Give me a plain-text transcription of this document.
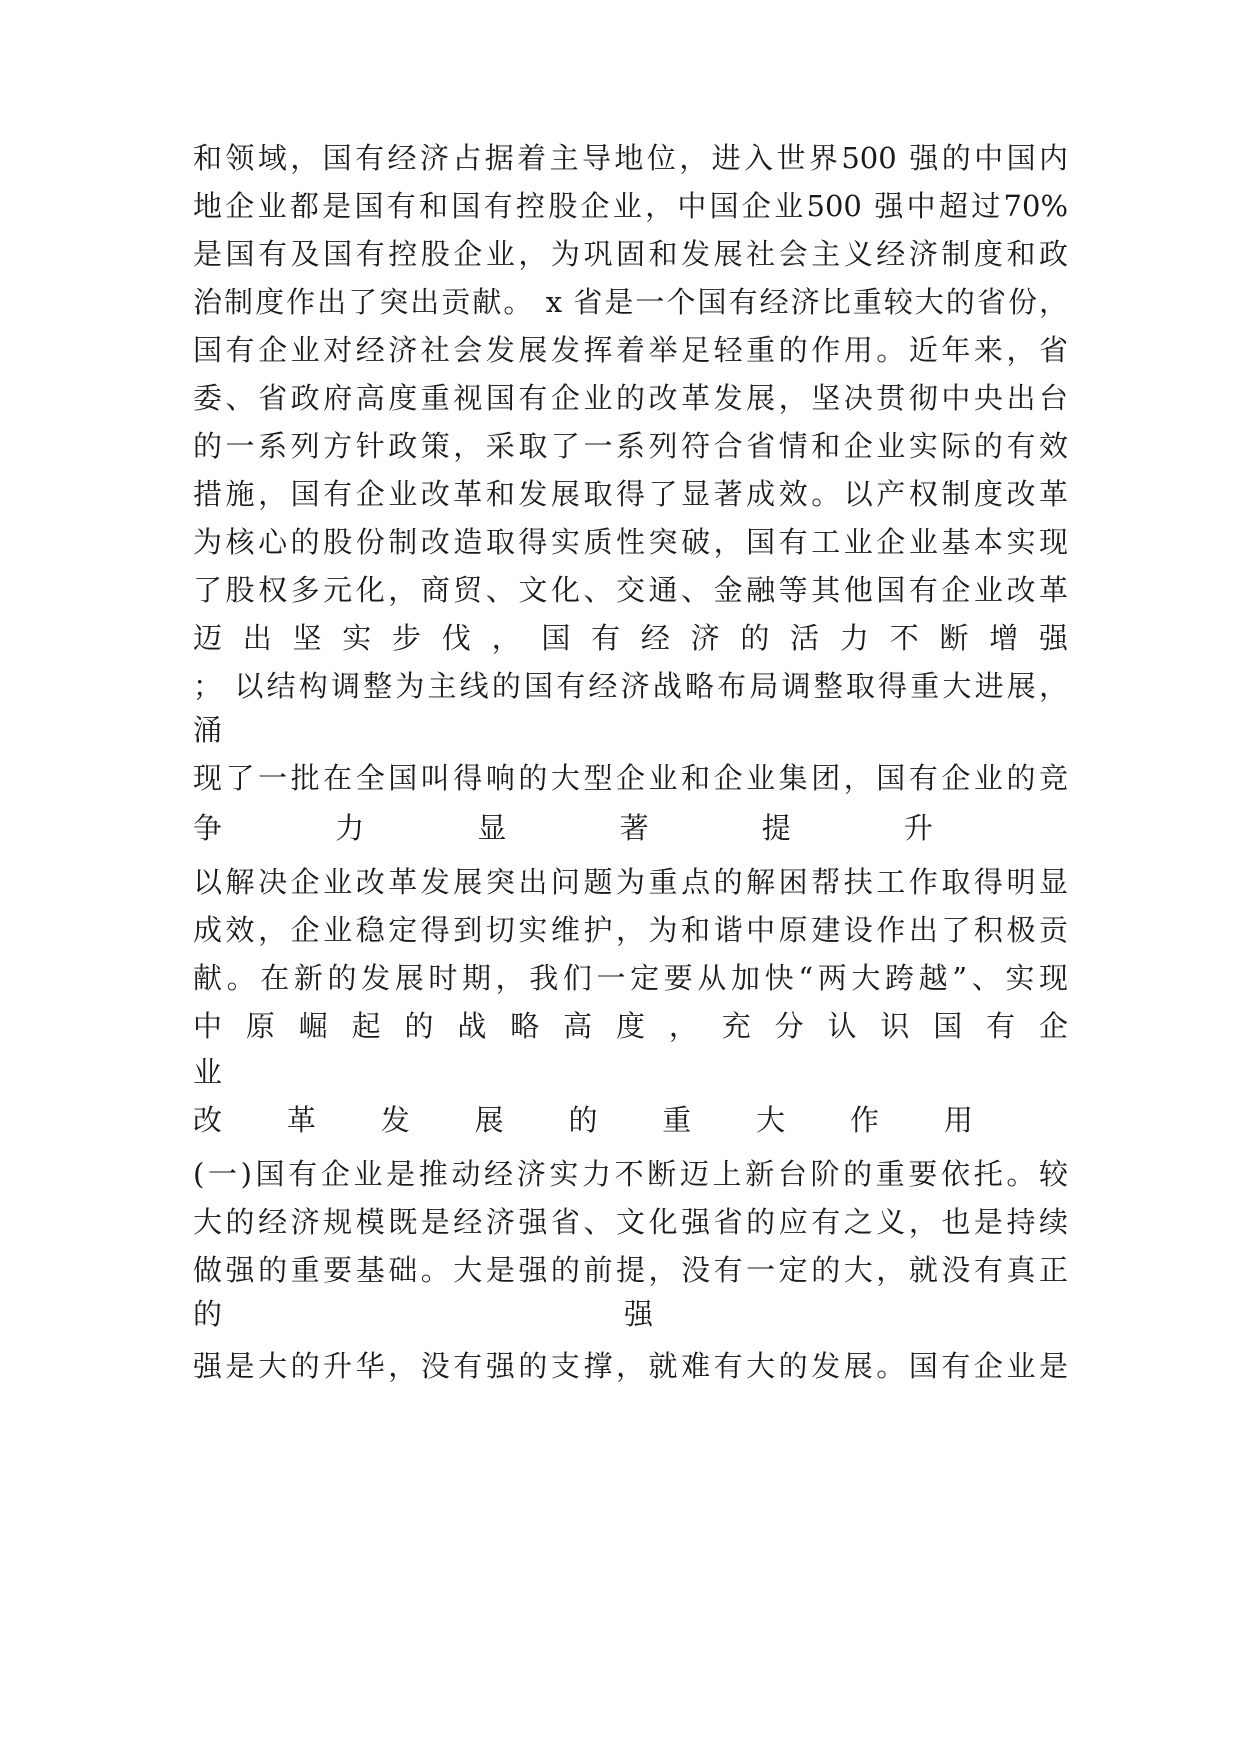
和领域，国有经济占据着主导地位，进入世界500 强的中国内
地企业都是国有和国有控股企业，中国企业500 强中超过70%
是国有及国有控股企业，为巩固和发展社会主义经济制度和政
治制度作出了突出贡献。 x 省是一个国有经济比重较大的省份，
国有企业对经济社会发展发挥着举足轻重的作用。近年来，省
委、省政府高度重视国有企业的改革发展，坚决贯彻中央出台
的一系列方针政策，采取了一系列符合省情和企业实际的有效
措施，国有企业改革和发展取得了显著成效。以产权制度改革
为核心的股份制改造取得实质性突破，国有工业企业基本实现
了股权多元化，商贸、文化、交通、金融等其他国有企业改革
迈出坚实步伐，国有经济的活力不断增强
； 以结构调整为主线的国有经济战略布局调整取得重大进展，
涌
现了一批在全国叫得响的大型企业和企业集团，国有企业的竞
争	力	显	著	提	升
以解决企业改革发展突出问题为重点的解困帮扶工作取得明显
成效，企业稳定得到切实维护，为和谐中原建设作出了积极贡
献。在新的发展时期，我们一定要从加快“两大跨越”、实现
中原崛起的战略高度，充分认识国有企
业
改 革 发 展 的 重 大 作 用
(一)国有企业是推动经济实力不断迈上新台阶的重要依托。较
大的经济规模既是经济强省、文化强省的应有之义，也是持续
做强的重要基础。大是强的前提，没有一定的大，就没有真正
的	强
强是大的升华，没有强的支撑，就难有大的发展。国有企业是
